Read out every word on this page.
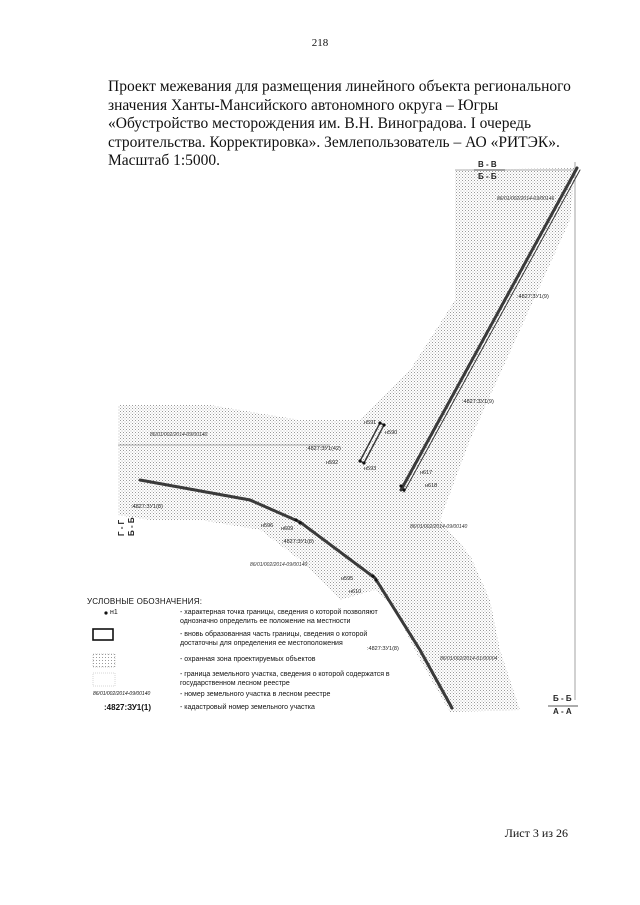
218
Проект межевания для размещения линейного объекта регионального значения Ханты-Мансийского автономного округа – Югры «Обустройство месторождения им. В.Н. Виноградова. I очередь строительства. Корректировка». Землепользователь – АО «РИТЭК». Масштаб 1:5000.	В - В
Б - Б
Г - Г Б - Б
Б - Б
А - А
86/01/002/2014-03/00146
86/01/002/2014-09/00140
86/01/002/2014-09/00140
86/01/002/2014-09/00140
86/01/002/2014-01/00004
:4827:ЗУ1(9)
:4827:ЗУ1(9)
:4827:ЗУ1(42)
:4827:ЗУ1(8)
:4827:ЗУ1(8)
:4827:ЗУ1(8)
н591
н590
н592
н593
н617
н618
н596 н609
н595
н610
УСЛОВНЫЕ ОБОЗНАЧЕНИЯ:
н1	- характерная точка границы, сведения о которой позволяют однозначно определить ее положение на местности
- вновь образованная часть границы, сведения о которой достаточны для определения ее местоположения
- охранная зона проектируемых объектов
- граница земельного участка, сведения о которой содержатся в государственном лесном реестре
86/01/002/2014-09/00140	- номер земельного участка в лесном реестре
:4827:ЗУ1(1)	- кадастровый номер земельного участка
Лист 3 из 26
